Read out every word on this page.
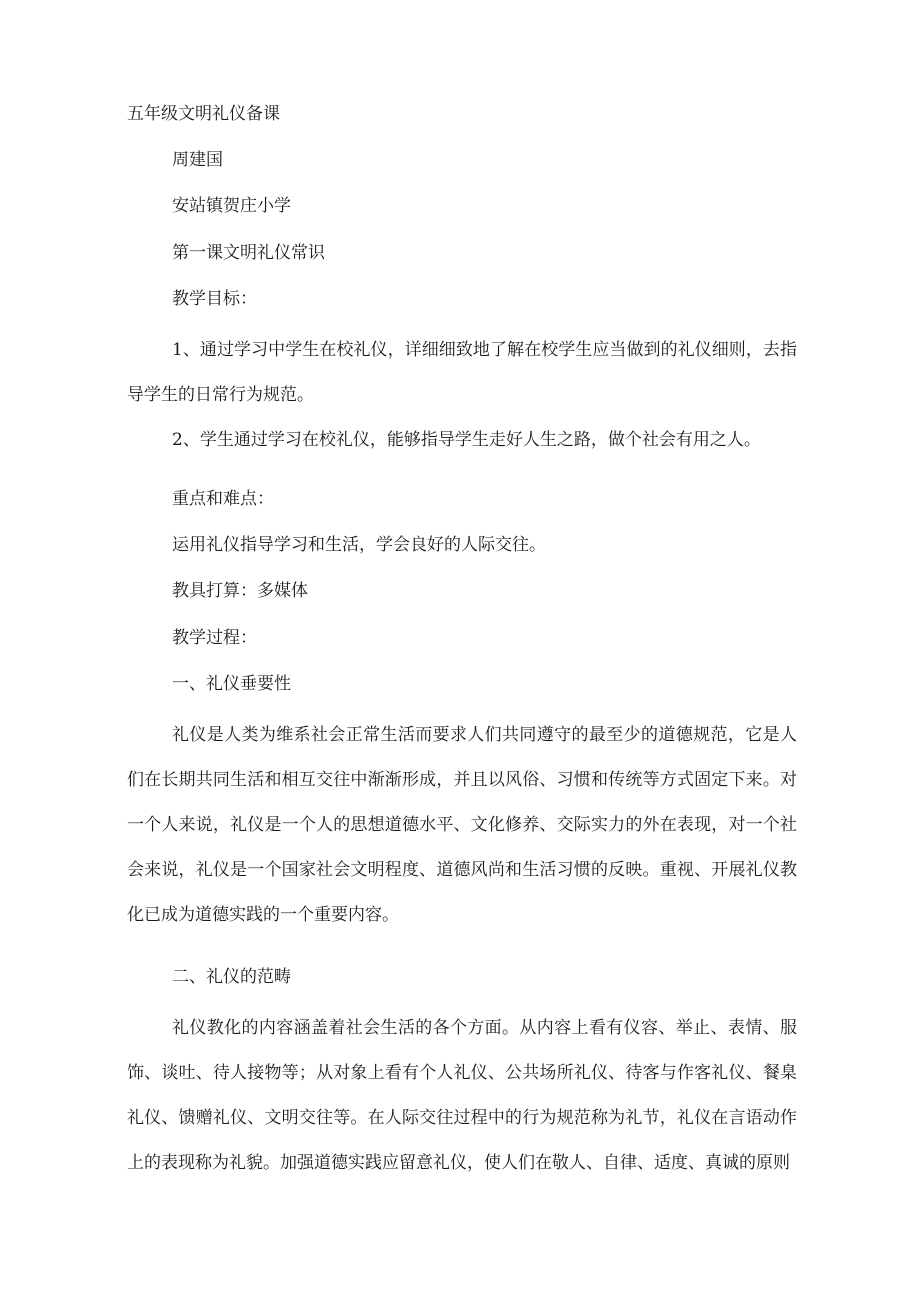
五年级文明礼仪备课

周建国

安站镇贺庄小学

第一课文明礼仪常识

教学目标：

1、通过学习中学生在校礼仪，详细细致地了解在校学生应当做到的礼仪细则，去指导学生的日常行为规范。

2、学生通过学习在校礼仪，能够指导学生走好人生之路，做个社会有用之人。

重点和难点：

运用礼仪指导学习和生活，学会良好的人际交往。

教具打算：多媒体

教学过程：

一、礼仪垂要性

礼仪是人类为维系社会正常生活而要求人们共同遵守的最至少的道德规范，它是人们在长期共同生活和相互交往中渐渐形成，并且以风俗、习惯和传统等方式固定下来。对一个人来说，礼仪是一个人的思想道德水平、文化修养、交际实力的外在表现，对一个社会来说，礼仪是一个国家社会文明程度、道德风尚和生活习惯的反映。重视、开展礼仪教化已成为道德实践的一个重要内容。

二、礼仪的范畴

礼仪教化的内容涵盖着社会生活的各个方面。从内容上看有仪容、举止、表情、服饰、谈吐、待人接物等；从对象上看有个人礼仪、公共场所礼仪、待客与作客礼仪、餐臬礼仪、馈赠礼仪、文明交往等。在人际交往过程中的行为规范称为礼节，礼仪在言语动作上的表现称为礼貌。加强道德实践应留意礼仪，使人们在敬人、自律、适度、真诚的原则
